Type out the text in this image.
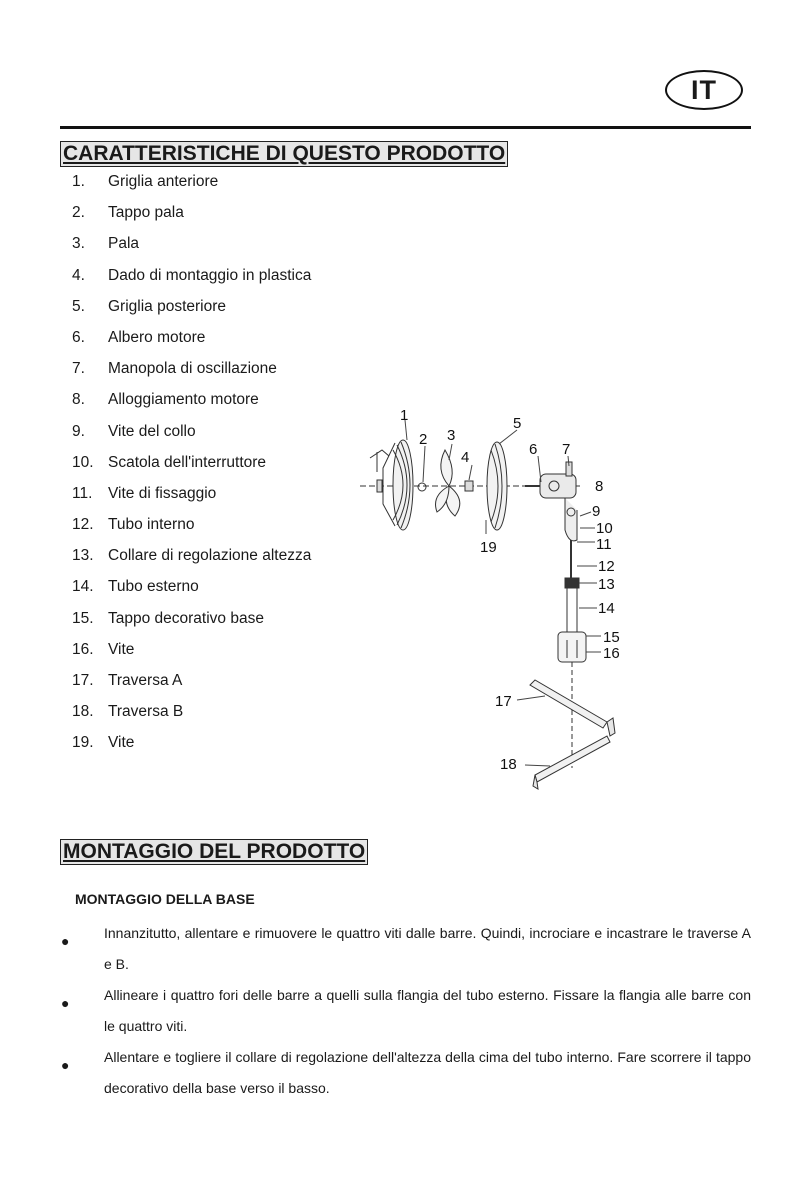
IT
CARATTERISTICHE DI QUESTO PRODOTTO
1.	Griglia anteriore
2.	Tappo pala
3.	Pala
4.	Dado di montaggio in plastica
5.	Griglia posteriore
6.	Albero motore
7.	Manopola di oscillazione
8.	Alloggiamento motore
9.	Vite del collo
10. Scatola dell'interruttore
11.	Vite di fissaggio
12. Tubo interno
13. Collare di regolazione altezza
14. Tubo esterno
15. Tappo decorativo base
16. Vite
17. Traversa A
18. Traversa B
19. Vite
1
2 3
4
5
6 7
8
9
10
11
12
13
14
15
16
17
18
19
MONTAGGIO DEL PRODOTTO
MONTAGGIO DELLA BASE
● Innanzitutto, allentare e rimuovere le quattro viti dalle barre. Quindi, incrociare e incastrare le traverse A e B.
● Allineare i quattro fori delle barre a quelli sulla flangia del tubo esterno. Fissare la flangia alle barre con le quattro viti.
● Allentare e togliere il collare di regolazione dell'altezza della cima del tubo interno. Fare scorrere il tappo decorativo della base verso il basso.
